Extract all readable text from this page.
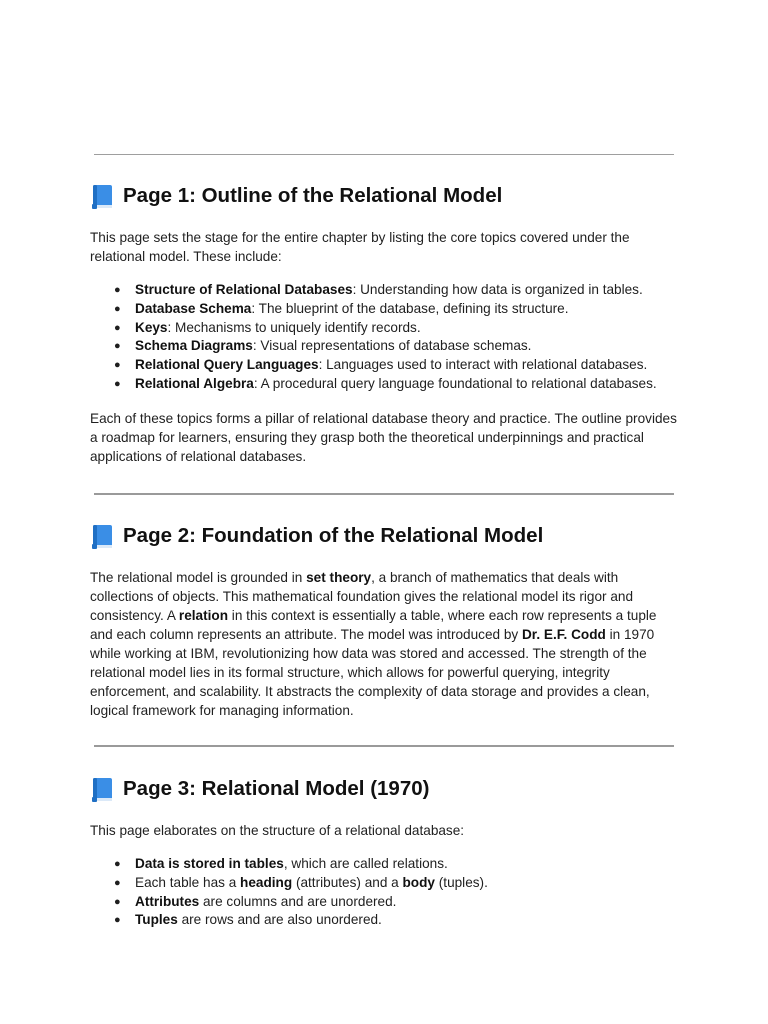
Page 1: Outline of the Relational Model

This page sets the stage for the entire chapter by listing the core topics covered under the relational model. These include:

● Structure of Relational Databases: Understanding how data is organized in tables.
● Database Schema: The blueprint of the database, defining its structure.
● Keys: Mechanisms to uniquely identify records.
● Schema Diagrams: Visual representations of database schemas.
● Relational Query Languages: Languages used to interact with relational databases.
● Relational Algebra: A procedural query language foundational to relational databases.

Each of these topics forms a pillar of relational database theory and practice. The outline provides a roadmap for learners, ensuring they grasp both the theoretical underpinnings and practical applications of relational databases.

Page 2: Foundation of the Relational Model

The relational model is grounded in set theory, a branch of mathematics that deals with collections of objects. This mathematical foundation gives the relational model its rigor and consistency. A relation in this context is essentially a table, where each row represents a tuple and each column represents an attribute. The model was introduced by Dr. E.F. Codd in 1970 while working at IBM, revolutionizing how data was stored and accessed. The strength of the relational model lies in its formal structure, which allows for powerful querying, integrity enforcement, and scalability. It abstracts the complexity of data storage and provides a clean, logical framework for managing information.

Page 3: Relational Model (1970)

This page elaborates on the structure of a relational database:

● Data is stored in tables, which are called relations.
● Each table has a heading (attributes) and a body (tuples).
● Attributes are columns and are unordered.
● Tuples are rows and are also unordered.
